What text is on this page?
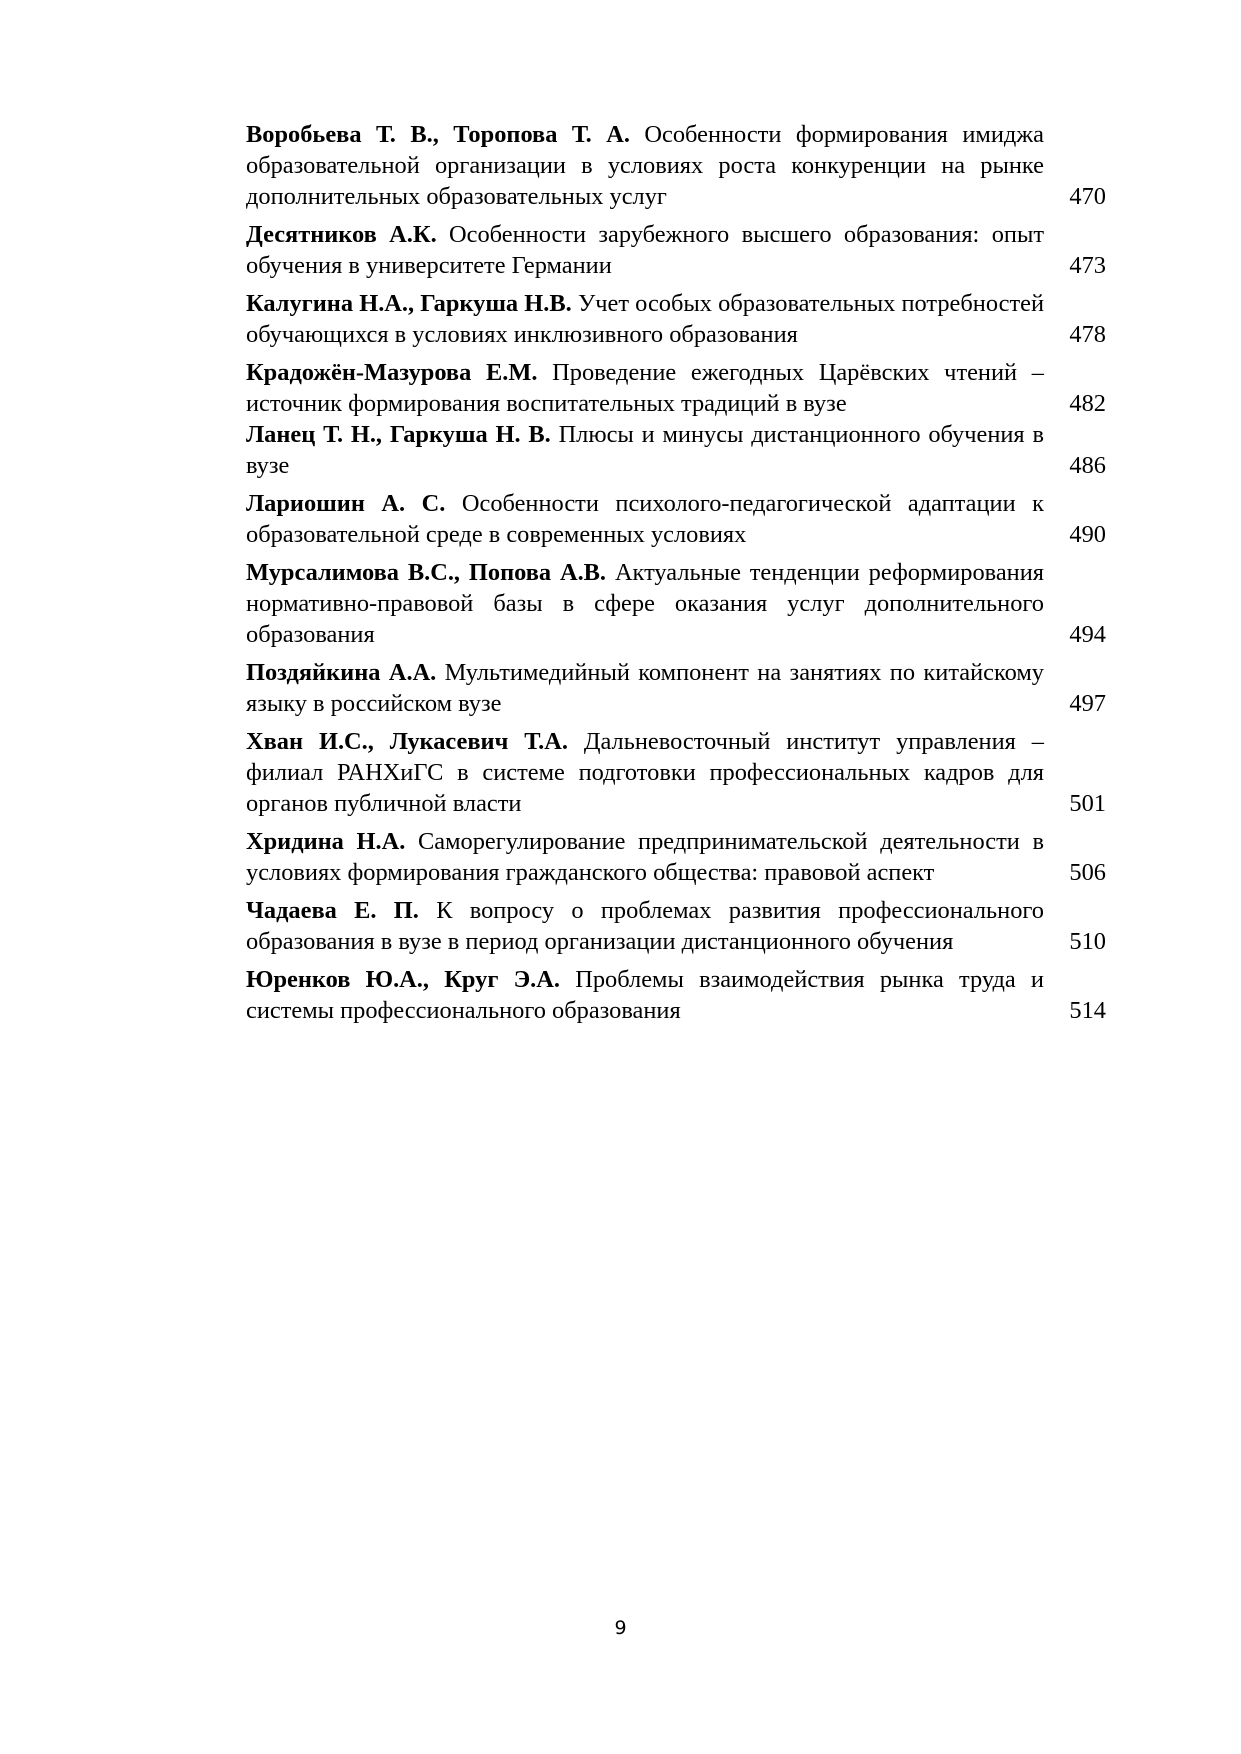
Воробьева Т. В., Торопова Т. А. Особенности формирования имиджа образовательной организации в условиях роста конкуренции на рынке дополнительных образовательных услуг	470
Десятников А.К. Особенности зарубежного высшего образования: опыт обучения в университете Германии	473
Калугина Н.А., Гаркуша Н.В. Учет особых образовательных потребностей обучающихся в условиях инклюзивного образования	478
Крадожён-Мазурова Е.М. Проведение ежегодных Царёвских чтений – источник формирования воспитательных традиций в вузе	482
Ланец Т. Н., Гаркуша Н. В. Плюсы и минусы дистанционного обучения в вузе	486
Лариошин А. С. Особенности психолого-педагогической адаптации к образовательной среде в современных условиях	490
Мурсалимова В.С., Попова А.В. Актуальные тенденции реформирования нормативно-правовой базы в сфере оказания услуг дополнительного образования	494
Поздяйкина А.А. Мультимедийный компонент на занятиях по китайскому языку в российском вузе	497
Хван И.С., Лукасевич Т.А. Дальневосточный институт управления – филиал РАНХиГС в системе подготовки профессиональных кадров для органов публичной власти	501
Хридина Н.А. Саморегулирование предпринимательской деятельности в условиях формирования гражданского общества: правовой аспект	506
Чадаева Е. П. К вопросу о проблемах развития профессионального образования в вузе в период организации дистанционного обучения	510
Юренков Ю.А., Круг Э.А. Проблемы взаимодействия рынка труда и системы профессионального образования	514
9
